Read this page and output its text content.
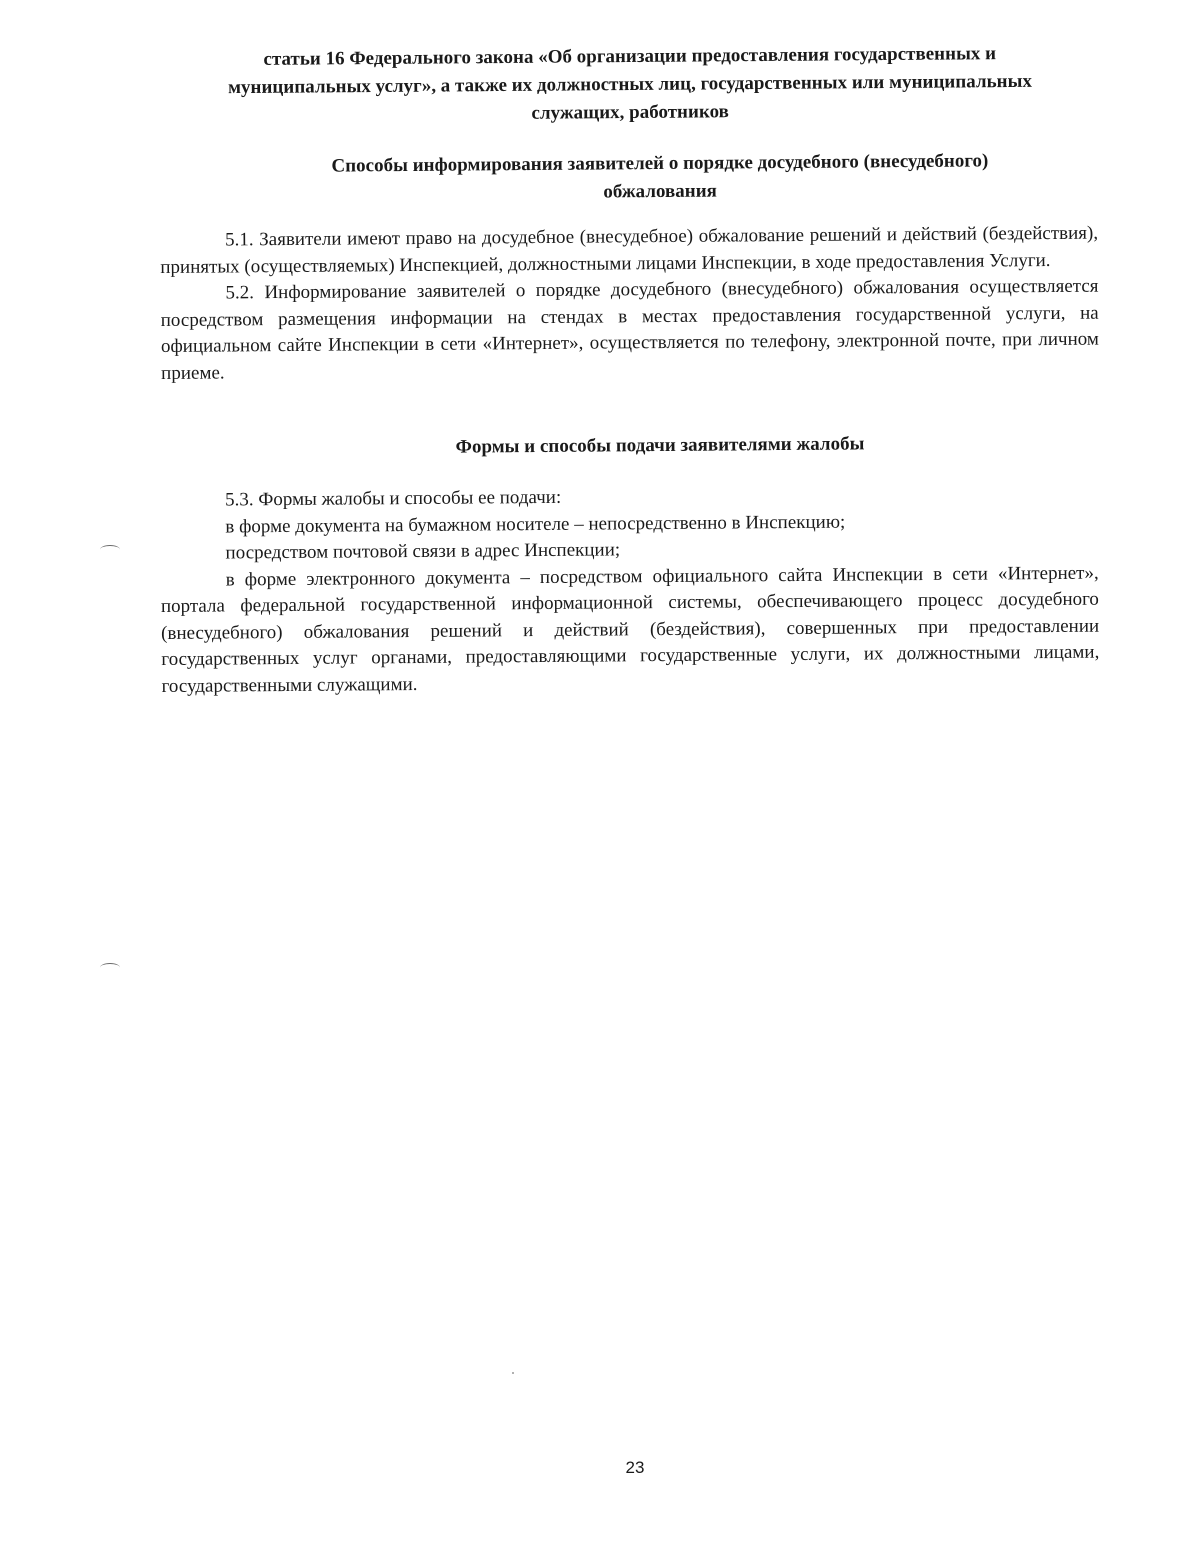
статьи 16 Федерального закона «Об организации предоставления государственных и
муниципальных услуг», а также их должностных лиц, государственных или муниципальных
служащих, работников
Способы информирования заявителей о порядке досудебного (внесудебного)
обжалования

5.1. Заявители имеют право на досудебное (внесудебное) обжалование решений и действий (бездействия), принятых (осуществляемых) Инспекцией, должностными лицами Инспекции, в ходе предоставления Услуги.

5.2. Информирование заявителей о порядке досудебного (внесудебного) обжалования осуществляется посредством размещения информации на стендах в местах предоставления государственной услуги, на официальном сайте Инспекции в сети «Интернет», осуществляется по телефону, электронной почте, при личном приеме.

Формы и способы подачи заявителями жалобы

5.3. Формы жалобы и способы ее подачи:

в форме документа на бумажном носителе – непосредственно в Инспекцию;

посредством почтовой связи в адрес Инспекции;

в форме электронного документа – посредством официального сайта Инспекции в сети «Интернет», портала федеральной государственной информационной системы, обеспечивающего процесс досудебного (внесудебного) обжалования решений и действий (бездействия), совершенных при предоставлении государственных услуг органами, предоставляющими государственные услуги, их должностными лицами, государственными служащими.

23
